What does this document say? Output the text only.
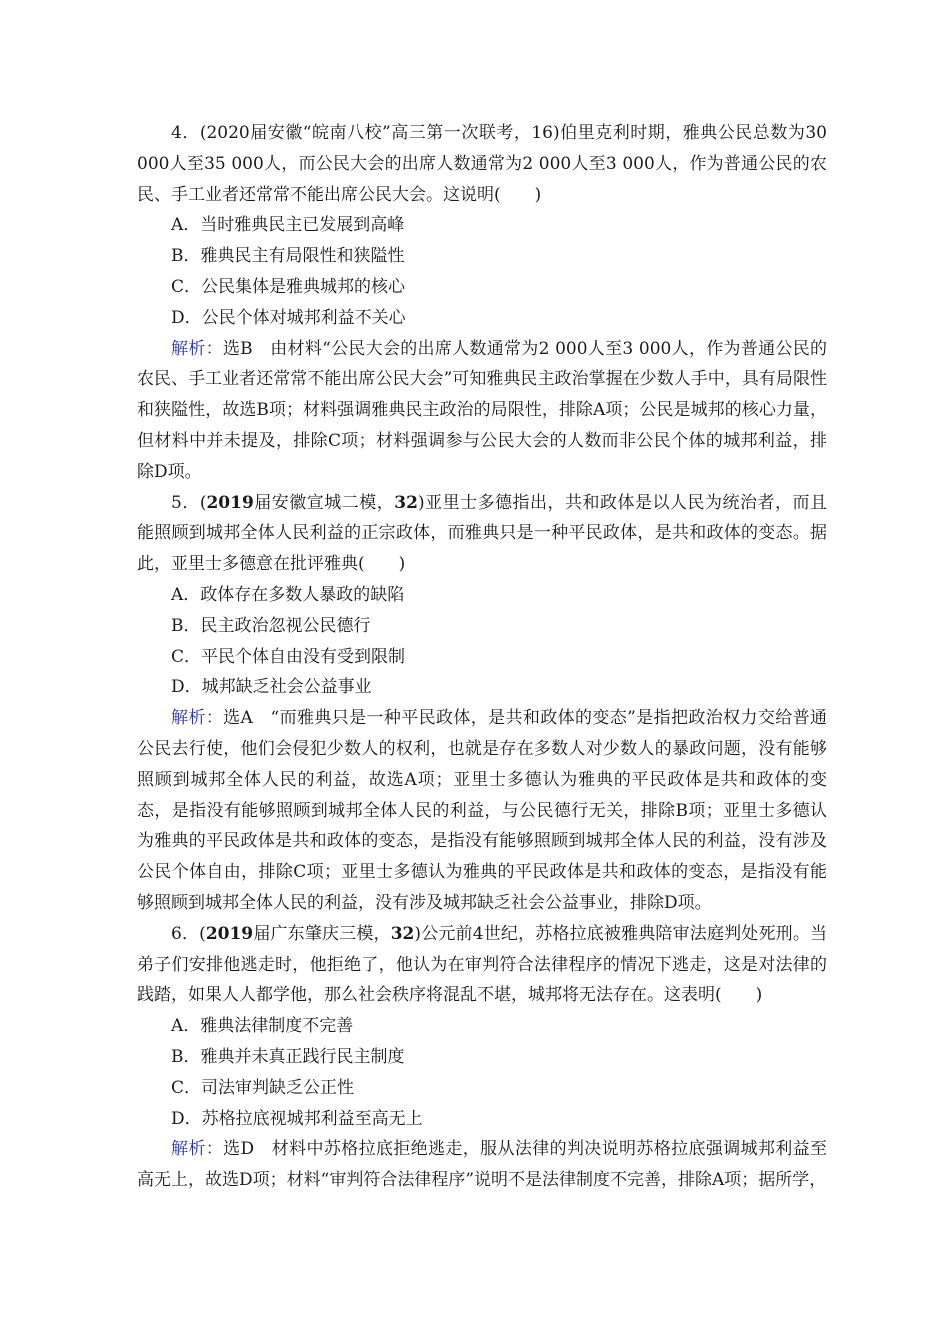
4．(2020届安徽“皖南八校”高三第一次联考，16)伯里克利时期，雅典公民总数为30 000人至35 000人，而公民大会的出席人数通常为2 000人至3 000人，作为普通公民的农民、手工业者还常常不能出席公民大会。这说明(　　)

A．当时雅典民主已发展到高峰

B．雅典民主有局限性和狭隘性

C．公民集体是雅典城邦的核心

D．公民个体对城邦利益不关心

解析：选B　由材料“公民大会的出席人数通常为2 000人至3 000人，作为普通公民的农民、手工业者还常常不能出席公民大会”可知雅典民主政治掌握在少数人手中，具有局限性和狭隘性，故选B项；材料强调雅典民主政治的局限性，排除A项；公民是城邦的核心力量，但材料中并未提及，排除C项；材料强调参与公民大会的人数而非公民个体的城邦利益，排除D项。

5．(2019届安徽宣城二模，32)亚里士多德指出，共和政体是以人民为统治者，而且能照顾到城邦全体人民利益的正宗政体，而雅典只是一种平民政体，是共和政体的变态。据此，亚里士多德意在批评雅典(　　)

A．政体存在多数人暴政的缺陷

B．民主政治忽视公民德行

C．平民个体自由没有受到限制

D．城邦缺乏社会公益事业

解析：选A　“而雅典只是一种平民政体，是共和政体的变态”是指把政治权力交给普通公民去行使，他们会侵犯少数人的权利，也就是存在多数人对少数人的暴政问题，没有能够照顾到城邦全体人民的利益，故选A项；亚里士多德认为雅典的平民政体是共和政体的变态，是指没有能够照顾到城邦全体人民的利益，与公民德行无关，排除B项；亚里士多德认为雅典的平民政体是共和政体的变态，是指没有能够照顾到城邦全体人民的利益，没有涉及公民个体自由，排除C项；亚里士多德认为雅典的平民政体是共和政体的变态，是指没有能够照顾到城邦全体人民的利益，没有涉及城邦缺乏社会公益事业，排除D项。

6．(2019届广东肇庆三模，32)公元前4世纪，苏格拉底被雅典陪审法庭判处死刑。当弟子们安排他逃走时，他拒绝了，他认为在审判符合法律程序的情况下逃走，这是对法律的践踏，如果人人都学他，那么社会秩序将混乱不堪，城邦将无法存在。这表明(　　)

A．雅典法律制度不完善

B．雅典并未真正践行民主制度

C．司法审判缺乏公正性

D．苏格拉底视城邦利益至高无上

解析：选D　材料中苏格拉底拒绝逃走，服从法律的判决说明苏格拉底强调城邦利益至高无上，故选D项；材料“审判符合法律程序”说明不是法律制度不完善，排除A项；据所学，
